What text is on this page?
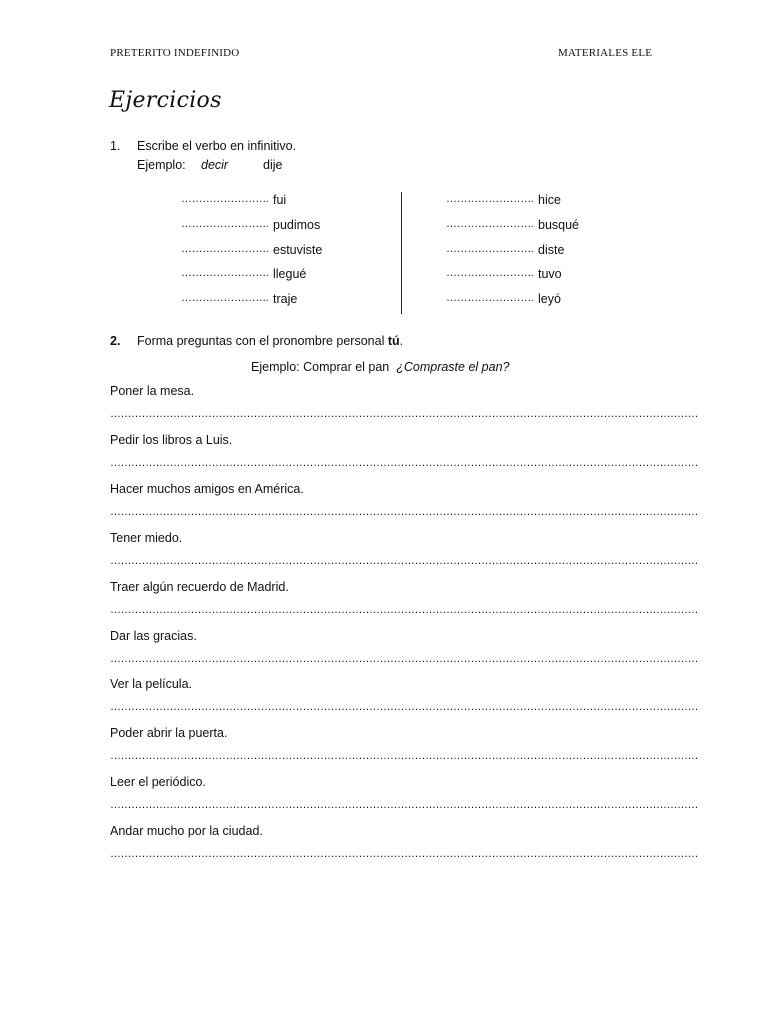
PRETERITO INDEFINIDO	MATERIALES ELE
Ejercicios
1. Escribe el verbo en infinitivo.
Ejemplo: decir	dije
……………………. fui	……………………. hice
……………………. pudimos	……………………. busqué
……………………. estuviste	……………………. diste
……………………. llegué	……………………. tuvo
……………………. traje	……………………. leyó
2. Forma preguntas con el pronombre personal tú.
Ejemplo: Comprar el pan ¿Compraste el pan?
Poner la mesa.
……………………………………………………………………………………………………………………………………………………
Pedir los libros a Luis.
……………………………………………………………………………………………………………………………………………………
Hacer muchos amigos en América.
……………………………………………………………………………………………………………………………………………………
Tener miedo.
……………………………………………………………………………………………………………………………………………………
Traer algún recuerdo de Madrid.
……………………………………………………………………………………………………………………………………………………
Dar las gracias.
……………………………………………………………………………………………………………………………………………………
Ver la película.
……………………………………………………………………………………………………………………………………………………
Poder abrir la puerta.
……………………………………………………………………………………………………………………………………………………
Leer el periódico.
……………………………………………………………………………………………………………………………………………………
Andar mucho por la ciudad.
……………………………………………………………………………………………………………………………………………………
